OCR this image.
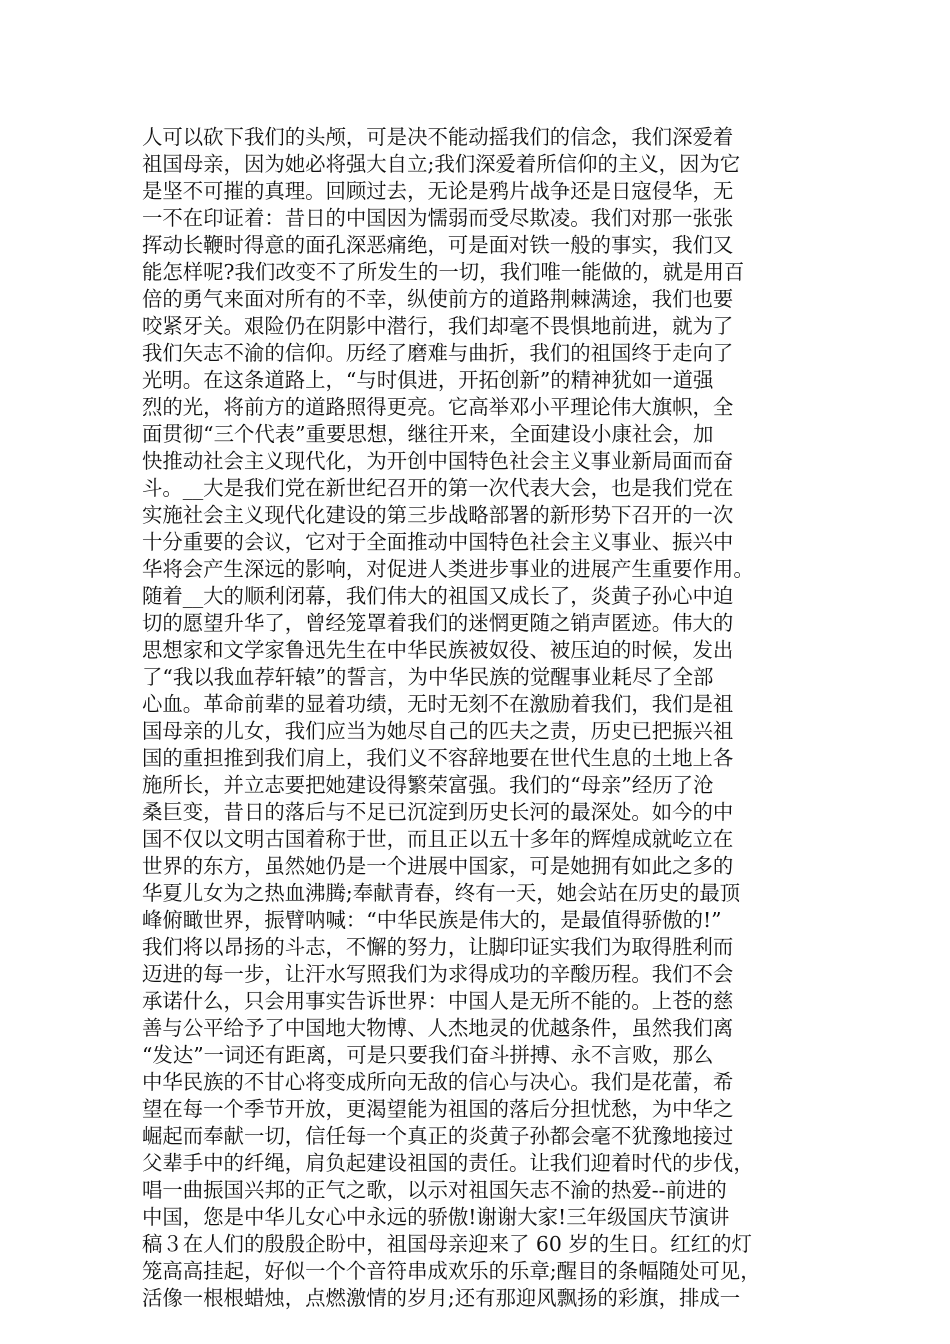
人可以砍下我们的头颅，可是决不能动摇我们的信念，我们深爱着
祖国母亲，因为她必将强大自立;我们深爱着所信仰的主义，因为它
是坚不可摧的真理。回顾过去，无论是鸦片战争还是日寇侵华，无
一不在印证着：昔日的中国因为懦弱而受尽欺凌。我们对那一张张
挥动长鞭时得意的面孔深恶痛绝，可是面对铁一般的事实，我们又
能怎样呢?我们改变不了所发生的一切，我们唯一能做的，就是用百
倍的勇气来面对所有的不幸，纵使前方的道路荆棘满途，我们也要
咬紧牙关。艰险仍在阴影中潜行，我们却毫不畏惧地前进，就为了
我们矢志不渝的信仰。历经了磨难与曲折，我们的祖国终于走向了
光明。在这条道路上，“与时俱进，开拓创新”的精神犹如一道强
烈的光，将前方的道路照得更亮。它高举邓小平理论伟大旗帜，全
面贯彻“三个代表”重要思想，继往开来，全面建设小康社会，加
快推动社会主义现代化，为开创中国特色社会主义事业新局面而奋
斗。__大是我们党在新世纪召开的第一次代表大会，也是我们党在
实施社会主义现代化建设的第三步战略部署的新形势下召开的一次
十分重要的会议，它对于全面推动中国特色社会主义事业、振兴中
华将会产生深远的影响，对促进人类进步事业的进展产生重要作用。
随着__大的顺利闭幕，我们伟大的祖国又成长了，炎黄子孙心中迫
切的愿望升华了，曾经笼罩着我们的迷惘更随之销声匿迹。伟大的
思想家和文学家鲁迅先生在中华民族被奴役、被压迫的时候，发出
了“我以我血荐轩辕”的誓言，为中华民族的觉醒事业耗尽了全部
心血。革命前辈的显着功绩，无时无刻不在激励着我们，我们是祖
国母亲的儿女，我们应当为她尽自己的匹夫之责，历史已把振兴祖
国的重担推到我们肩上，我们义不容辞地要在世代生息的土地上各
施所长，并立志要把她建设得繁荣富强。我们的“母亲”经历了沧
桑巨变，昔日的落后与不足已沉淀到历史长河的最深处。如今的中
国不仅以文明古国着称于世，而且正以五十多年的辉煌成就屹立在
世界的东方，虽然她仍是一个进展中国家，可是她拥有如此之多的
华夏儿女为之热血沸腾;奉献青春，终有一天，她会站在历史的最顶
峰俯瞰世界，振臂呐喊：“中华民族是伟大的，是最值得骄傲的!”
我们将以昂扬的斗志，不懈的努力，让脚印证实我们为取得胜利而
迈进的每一步，让汗水写照我们为求得成功的辛酸历程。我们不会
承诺什么，只会用事实告诉世界：中国人是无所不能的。上苍的慈
善与公平给予了中国地大物博、人杰地灵的优越条件，虽然我们离
“发达”一词还有距离，可是只要我们奋斗拼搏、永不言败，那么
中华民族的不甘心将变成所向无敌的信心与决心。我们是花蕾，希
望在每一个季节开放，更渴望能为祖国的落后分担忧愁，为中华之
崛起而奉献一切，信任每一个真正的炎黄子孙都会毫不犹豫地接过
父辈手中的纤绳，肩负起建设祖国的责任。让我们迎着时代的步伐，
唱一曲振国兴邦的正气之歌，以示对祖国矢志不渝的热爱--前进的
中国，您是中华儿女心中永远的骄傲!谢谢大家!三年级国庆节演讲
稿３在人们的殷殷企盼中，祖国母亲迎来了 60 岁的生日。红红的灯
笼高高挂起，好似一个个音符串成欢乐的乐章;醒目的条幅随处可见，
活像一根根蜡烛，点燃激情的岁月;还有那迎风飘扬的彩旗，排成一
